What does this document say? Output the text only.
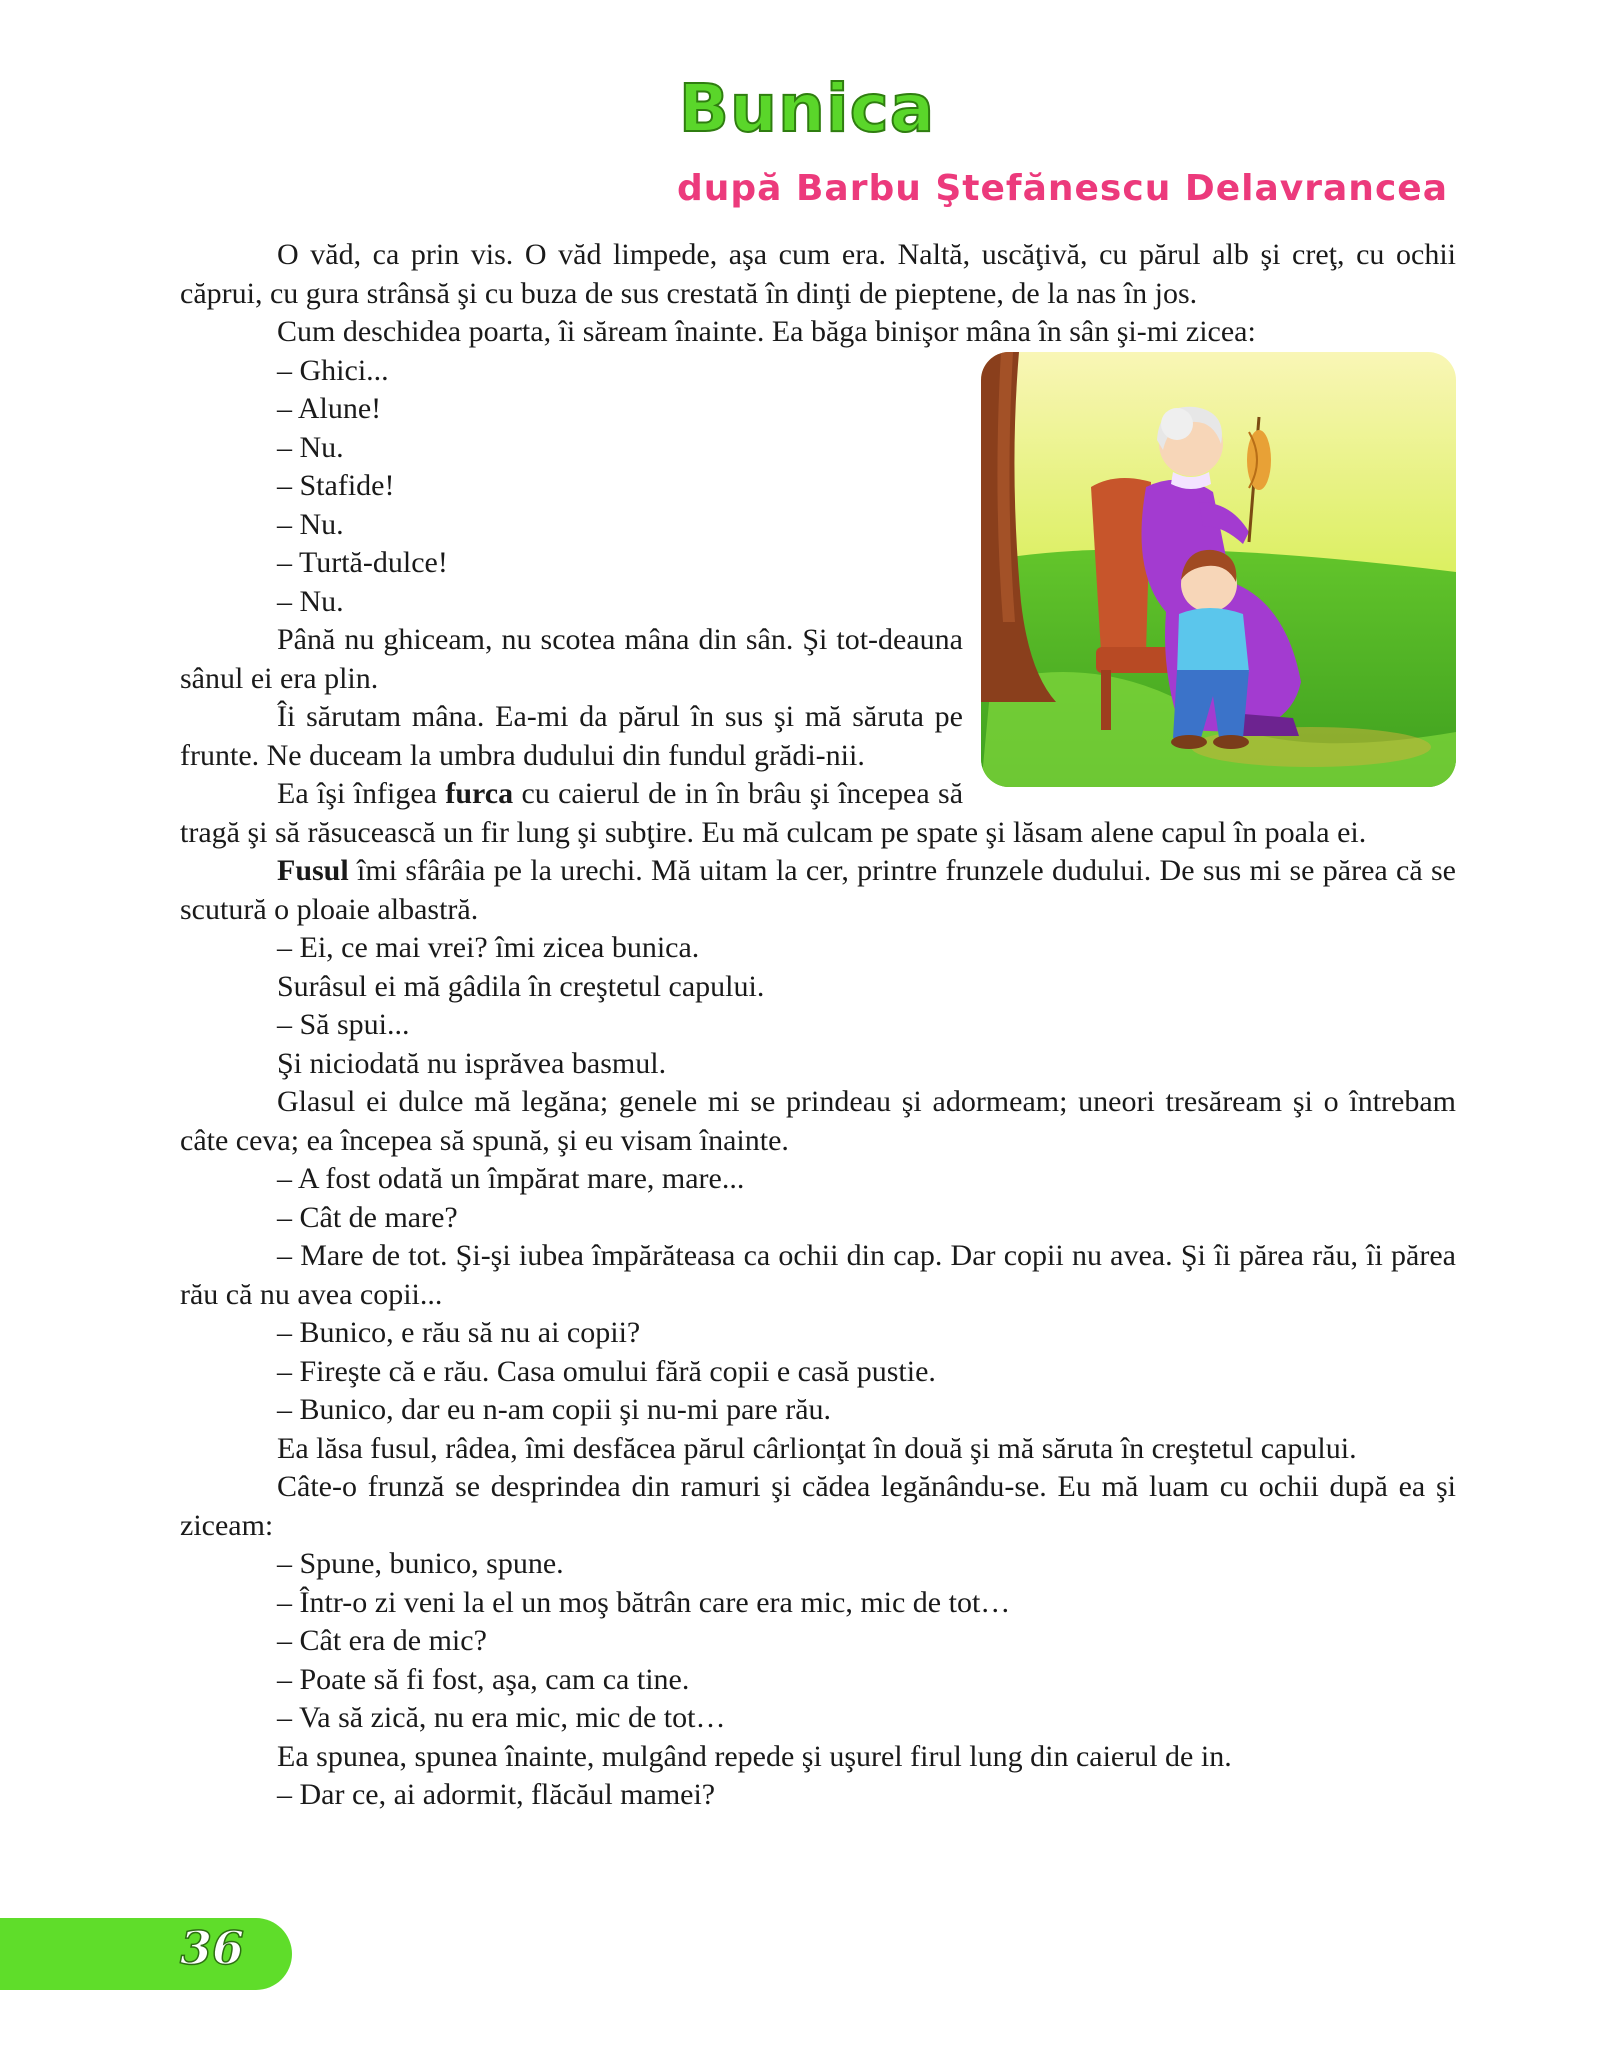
Bunica
după Barbu Ştefănescu Delavrancea

O văd, ca prin vis. O văd limpede, aşa cum era. Naltă, uscăţivă, cu părul alb şi creţ, cu ochii căprui, cu gura strânsă şi cu buza de sus crestată în dinţi de pieptene, de la nas în jos.

Cum deschidea poarta, îi săream înainte. Ea băga binişor mâna în sân şi-mi zicea:

– Ghici...

– Alune!

– Nu.

– Stafide!

– Nu.

– Turtă-dulce!

– Nu.

Până nu ghiceam, nu scotea mâna din sân. Şi tot-deauna sânul ei era plin.

Îi sărutam mâna. Ea-mi da părul în sus şi mă săruta pe frunte. Ne duceam la umbra dudului din fundul grădi-nii.

Ea îşi înfigea furca cu caierul de in în brâu şi începea să tragă şi să răsucească un fir lung şi subţire. Eu mă culcam pe spate şi lăsam alene capul în poala ei.

Fusul îmi sfârâia pe la urechi. Mă uitam la cer, printre frunzele dudului. De sus mi se părea că se scutură o ploaie albastră.

– Ei, ce mai vrei? îmi zicea bunica.

Surâsul ei mă gâdila în creştetul capului.

– Să spui...

Şi niciodată nu isprăvea basmul.

Glasul ei dulce mă legăna; genele mi se prindeau şi adormeam; uneori tresăream şi o întrebam câte ceva; ea începea să spună, şi eu visam înainte.

– A fost odată un împărat mare, mare...

– Cât de mare?

– Mare de tot. Şi-şi iubea împărăteasa ca ochii din cap. Dar copii nu avea. Şi îi părea rău, îi părea rău că nu avea copii...

– Bunico, e rău să nu ai copii?

– Fireşte că e rău. Casa omului fără copii e casă pustie.

– Bunico, dar eu n-am copii şi nu-mi pare rău.

Ea lăsa fusul, râdea, îmi desfăcea părul cârlionţat în două şi mă săruta în creştetul capului.

Câte-o frunză se desprindea din ramuri şi cădea legănându-se. Eu mă luam cu ochii după ea şi ziceam:

– Spune, bunico, spune.

– Într-o zi veni la el un moş bătrân care era mic, mic de tot…

– Cât era de mic?

– Poate să fi fost, aşa, cam ca tine.

– Va să zică, nu era mic, mic de tot…

Ea spunea, spunea înainte, mulgând repede şi uşurel firul lung din caierul de in.

– Dar ce, ai adormit, flăcăul mamei?

36
